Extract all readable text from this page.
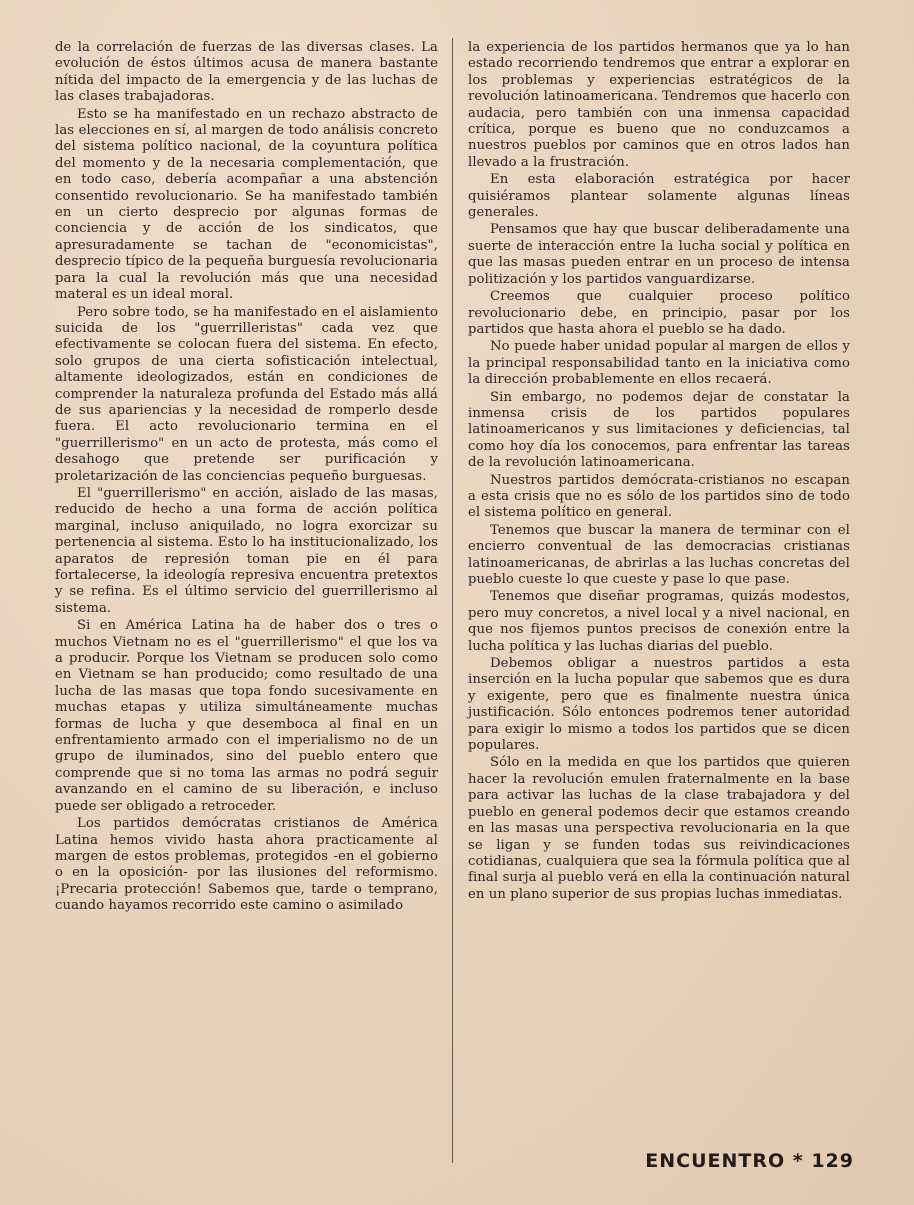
de la correlación de fuerzas de las diversas clases. La evolución de éstos últimos acusa de manera bastante nítida del impacto de la emergencia y de las luchas de las clases trabajadoras.

Esto se ha manifestado en un rechazo abstracto de las elecciones en sí, al margen de todo análisis concreto del sistema político nacional, de la coyuntura política del momento y de la necesaria complementación, que en todo caso, debería acompañar a una abstención consentido revolucionario. Se ha manifestado también en un cierto desprecio por algunas formas de conciencia y de acción de los sindicatos, que apresuradamente se tachan de "economicistas", desprecio típico de la pequeña burguesía revolucionaria para la cual la revolución más que una necesidad materal es un ideal moral.

Pero sobre todo, se ha manifestado en el aislamiento suicida de los "guerrilleristas" cada vez que efectivamente se colocan fuera del sistema. En efecto, solo grupos de una cierta sofisticación intelectual, altamente ideologizados, están en condiciones de comprender la naturaleza profunda del Estado más allá de sus apariencias y la necesidad de romperlo desde fuera. El acto revolucionario termina en el "guerrillerismo" en un acto de protesta, más como el desahogo que pretende ser purificación y proletarización de las conciencias pequeño burguesas.

El "guerrillerismo" en acción, aislado de las masas, reducido de hecho a una forma de acción política marginal, incluso aniquilado, no logra exorcizar su pertenencia al sistema. Esto lo ha institucionalizado, los aparatos de represión toman pie en él para fortalecerse, la ideología represiva encuentra pretextos y se refina. Es el último servicio del guerrillerismo al sistema.

Si en América Latina ha de haber dos o tres o muchos Vietnam no es el "guerrillerismo" el que los va a producir. Porque los Vietnam se producen solo como en Vietnam se han producido; como resultado de una lucha de las masas que topa fondo sucesivamente en muchas etapas y utiliza simultáneamente muchas formas de lucha y que desemboca al final en un enfrentamiento armado con el imperialismo no de un grupo de iluminados, sino del pueblo entero que comprende que si no toma las armas no podrá seguir avanzando en el camino de su liberación, e incluso puede ser obligado a retroceder.

Los partidos demócratas cristianos de América Latina hemos vivido hasta ahora practicamente al margen de estos problemas, protegidos -en el gobierno o en la oposición- por las ilusiones del reformismo. ¡Precaria protección! Sabemos que, tarde o temprano, cuando hayamos recorrido este camino o asimilado

la experiencia de los partidos hermanos que ya lo han estado recorriendo tendremos que entrar a explorar en los problemas y experiencias estratégicos de la revolución latinoamericana. Tendremos que hacerlo con audacia, pero también con una inmensa capacidad crítica, porque es bueno que no conduzcamos a nuestros pueblos por caminos que en otros lados han llevado a la frustración.

En esta elaboración estratégica por hacer quisiéramos plantear solamente algunas líneas generales.

Pensamos que hay que buscar deliberadamente una suerte de interacción entre la lucha social y política en que las masas pueden entrar en un proceso de intensa politización y los partidos vanguardizarse.

Creemos que cualquier proceso político revolucionario debe, en principio, pasar por los partidos que hasta ahora el pueblo se ha dado.

No puede haber unidad popular al margen de ellos y la principal responsabilidad tanto en la iniciativa como la dirección probablemente en ellos recaerá.

Sin embargo, no podemos dejar de constatar la inmensa crisis de los partidos populares latinoamericanos y sus limitaciones y deficiencias, tal como hoy día los conocemos, para enfrentar las tareas de la revolución latinoamericana.

Nuestros partidos demócrata-cristianos no escapan a esta crisis que no es sólo de los partidos sino de todo el sistema político en general.

Tenemos que buscar la manera de terminar con el encierro conventual de las democracias cristianas latinoamericanas, de abrirlas a las luchas concretas del pueblo cueste lo que cueste y pase lo que pase.

Tenemos que diseñar programas, quizás modestos, pero muy concretos, a nivel local y a nivel nacional, en que nos fijemos puntos precisos de conexión entre la lucha política y las luchas diarias del pueblo.

Debemos obligar a nuestros partidos a esta inserción en la lucha popular que sabemos que es dura y exigente, pero que es finalmente nuestra única justificación. Sólo entonces podremos tener autoridad para exigir lo mismo a todos los partidos que se dicen populares.

Sólo en la medida en que los partidos que quieren hacer la revolución emulen fraternalmente en la base para activar las luchas de la clase trabajadora y del pueblo en general podemos decir que estamos creando en las masas una perspectiva revolucionaria en la que se ligan y se funden todas sus reivindicaciones cotidianas, cualquiera que sea la fórmula política que al final surja al pueblo verá en ella la continuación natural en un plano superior de sus propias luchas inmediatas.

ENCUENTRO * 129
